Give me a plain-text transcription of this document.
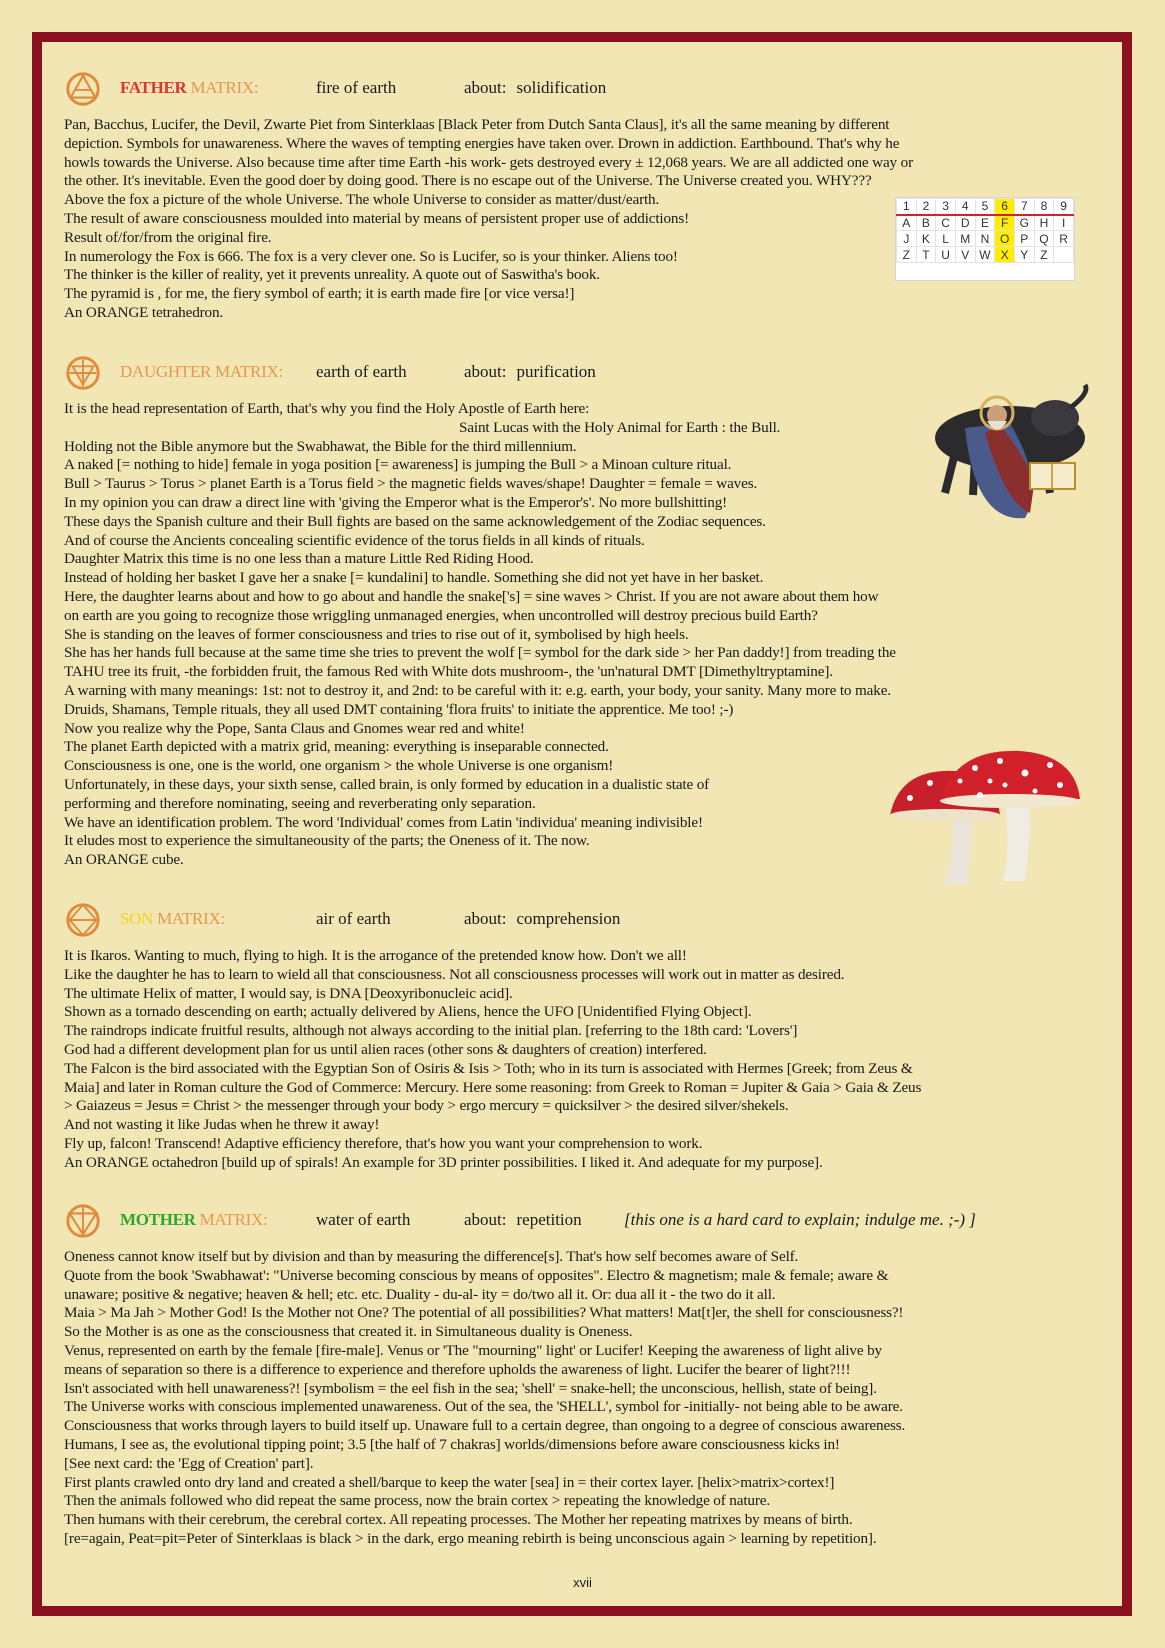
FATHER MATRIX:	fire of earth	about: solidification

Pan, Bacchus, Lucifer, the Devil, Zwarte Piet from Sinterklaas [Black Peter from Dutch Santa Claus], it's all the same meaning by different

depiction. Symbols for unawareness. Where the waves of tempting energies have taken over. Drown in addiction. Earthbound. That's why he

howls towards the Universe. Also because time after time Earth -his work- gets destroyed every ± 12,068 years. We are all addicted one way or

the other. It's inevitable. Even the good doer by doing good. There is no escape out of the Universe. The Universe created you. WHY???

Above the fox a picture of the whole Universe. The whole Universe to consider as matter/dust/earth.

The result of aware consciousness moulded into material by means of persistent proper use of addictions!

Result of/for/from the original fire.

In numerology the Fox is 666. The fox is a very clever one. So is Lucifer, so is your thinker. Aliens too!

The thinker is the killer of reality, yet it prevents unreality. A quote out of Saswitha's book.

The pyramid is , for me, the fiery symbol of earth; it is earth made fire [or vice versa!]

An ORANGE tetrahedron.

1	2	3	4	5	6	7	8	9
A	B	C	D	E	F	G	H	I
J	K	L	M	N	O	P	Q	R
Z	T	U	V	W	X	Y	Z	
DAUGHTER MATRIX: earth of earth	about: purification

It is the head representation of Earth, that's why you find the Holy Apostle of Earth here:

Saint Lucas with the Holy Animal for Earth : the Bull.

Holding not the Bible anymore but the Swabhawat, the Bible for the third millennium.

A naked [= nothing to hide] female in yoga position [= awareness] is jumping the Bull > a Minoan culture ritual.

Bull > Taurus > Torus > planet Earth is a Torus field > the magnetic fields waves/shape! Daughter = female = waves.

In my opinion you can draw a direct line with 'giving the Emperor what is the Emperor's'. No more bullshitting!

These days the Spanish culture and their Bull fights are based on the same acknowledgement of the Zodiac sequences.

And of course the Ancients concealing scientific evidence of the torus fields in all kinds of rituals.

Daughter Matrix this time is no one less than a mature Little Red Riding Hood.

Instead of holding her basket I gave her a snake [= kundalini] to handle. Something she did not yet have in her basket.

Here, the daughter learns about and how to go about and handle the snake['s] = sine waves > Christ. If you are not aware about them how

on earth are you going to recognize those wriggling unmanaged energies, when uncontrolled will destroy precious build Earth?

She is standing on the leaves of former consciousness and tries to rise out of it, symbolised by high heels.

She has her hands full because at the same time she tries to prevent the wolf [= symbol for the dark side > her Pan daddy!] from treading the

TAHU tree its fruit, -the forbidden fruit, the famous Red with White dots mushroom-, the 'un'natural DMT [Dimethyltryptamine].

A warning with many meanings: 1st: not to destroy it, and 2nd: to be careful with it: e.g. earth, your body, your sanity. Many more to make.

Druids, Shamans, Temple rituals, they all used DMT containing 'flora fruits' to initiate the apprentice. Me too! ;-)

Now you realize why the Pope, Santa Claus and Gnomes wear red and white!

The planet Earth depicted with a matrix grid, meaning: everything is inseparable connected.

Consciousness is one, one is the world, one organism > the whole Universe is one organism!

Unfortunately, in these days, your sixth sense, called brain, is only formed by education in a dualistic state of

performing and therefore nominating, seeing and reverberating only separation.

We have an identification problem. The word 'Individual' comes from Latin 'individua' meaning indivisible!

It eludes most to experience the simultaneousity of the parts; the Oneness of it. The now.

An ORANGE cube.

SON MATRIX:	air of earth	about: comprehension

It is Ikaros. Wanting to much, flying to high. It is the arrogance of the pretended know how. Don't we all!

Like the daughter he has to learn to wield all that consciousness. Not all consciousness processes will work out in matter as desired.

The ultimate Helix of matter, I would say, is DNA [Deoxyribonucleic acid].

Shown as a tornado descending on earth; actually delivered by Aliens, hence the UFO [Unidentified Flying Object].

The raindrops indicate fruitful results, although not always according to the initial plan. [referring to the 18th card: 'Lovers']

God had a different development plan for us until alien races (other sons & daughters of creation) interfered.

The Falcon is the bird associated with the Egyptian Son of Osiris & Isis > Toth; who in its turn is associated with Hermes [Greek; from Zeus &

Maia] and later in Roman culture the God of Commerce: Mercury. Here some reasoning: from Greek to Roman = Jupiter & Gaia > Gaia & Zeus

> Gaiazeus = Jesus = Christ > the messenger through your body > ergo mercury = quicksilver > the desired silver/shekels.

And not wasting it like Judas when he threw it away!

Fly up, falcon! Transcend! Adaptive efficiency therefore, that's how you want your comprehension to work.

An ORANGE octahedron [build up of spirals! An example for 3D printer possibilities. I liked it. And adequate for my purpose].

MOTHER MATRIX:	water of earth	about: repetition [this one is a hard card to explain; indulge me. ;-) ]

Oneness cannot know itself but by division and than by measuring the difference[s]. That's how self becomes aware of Self.

Quote from the book 'Swabhawat': "Universe becoming conscious by means of opposites". Electro & magnetism; male & female; aware &

unaware; positive & negative; heaven & hell; etc. etc. Duality - du-al- ity = do/two all it. Or: dua all it - the two do it all.

Maia > Ma Jah > Mother God! Is the Mother not One? The potential of all possibilities? What matters! Mat[t]er, the shell for consciousness?!

So the Mother is as one as the consciousness that created it. in Simultaneous duality is Oneness.

Venus, represented on earth by the female [fire-male]. Venus or 'The "mourning" light' or Lucifer! Keeping the awareness of light alive by

means of separation so there is a difference to experience and therefore upholds the awareness of light. Lucifer the bearer of light?!!!

Isn't associated with hell unawareness?! [symbolism = the eel fish in the sea; 'shell' = snake-hell; the unconscious, hellish, state of being].

The Universe works with conscious implemented unawareness. Out of the sea, the 'SHELL', symbol for -initially- not being able to be aware.

Consciousness that works through layers to build itself up. Unaware full to a certain degree, than ongoing to a degree of conscious awareness.

Humans, I see as, the evolutional tipping point; 3.5 [the half of 7 chakras] worlds/dimensions before aware consciousness kicks in!

[See next card: the 'Egg of Creation' part].

First plants crawled onto dry land and created a shell/barque to keep the water [sea] in = their cortex layer. [helix>matrix>cortex!]

Then the animals followed who did repeat the same process, now the brain cortex > repeating the knowledge of nature.

Then humans with their cerebrum, the cerebral cortex. All repeating processes. The Mother her repeating matrixes by means of birth.

[re=again, Peat=pit=Peter of Sinterklaas is black > in the dark, ergo meaning rebirth is being unconscious again > learning by repetition].

xvii
